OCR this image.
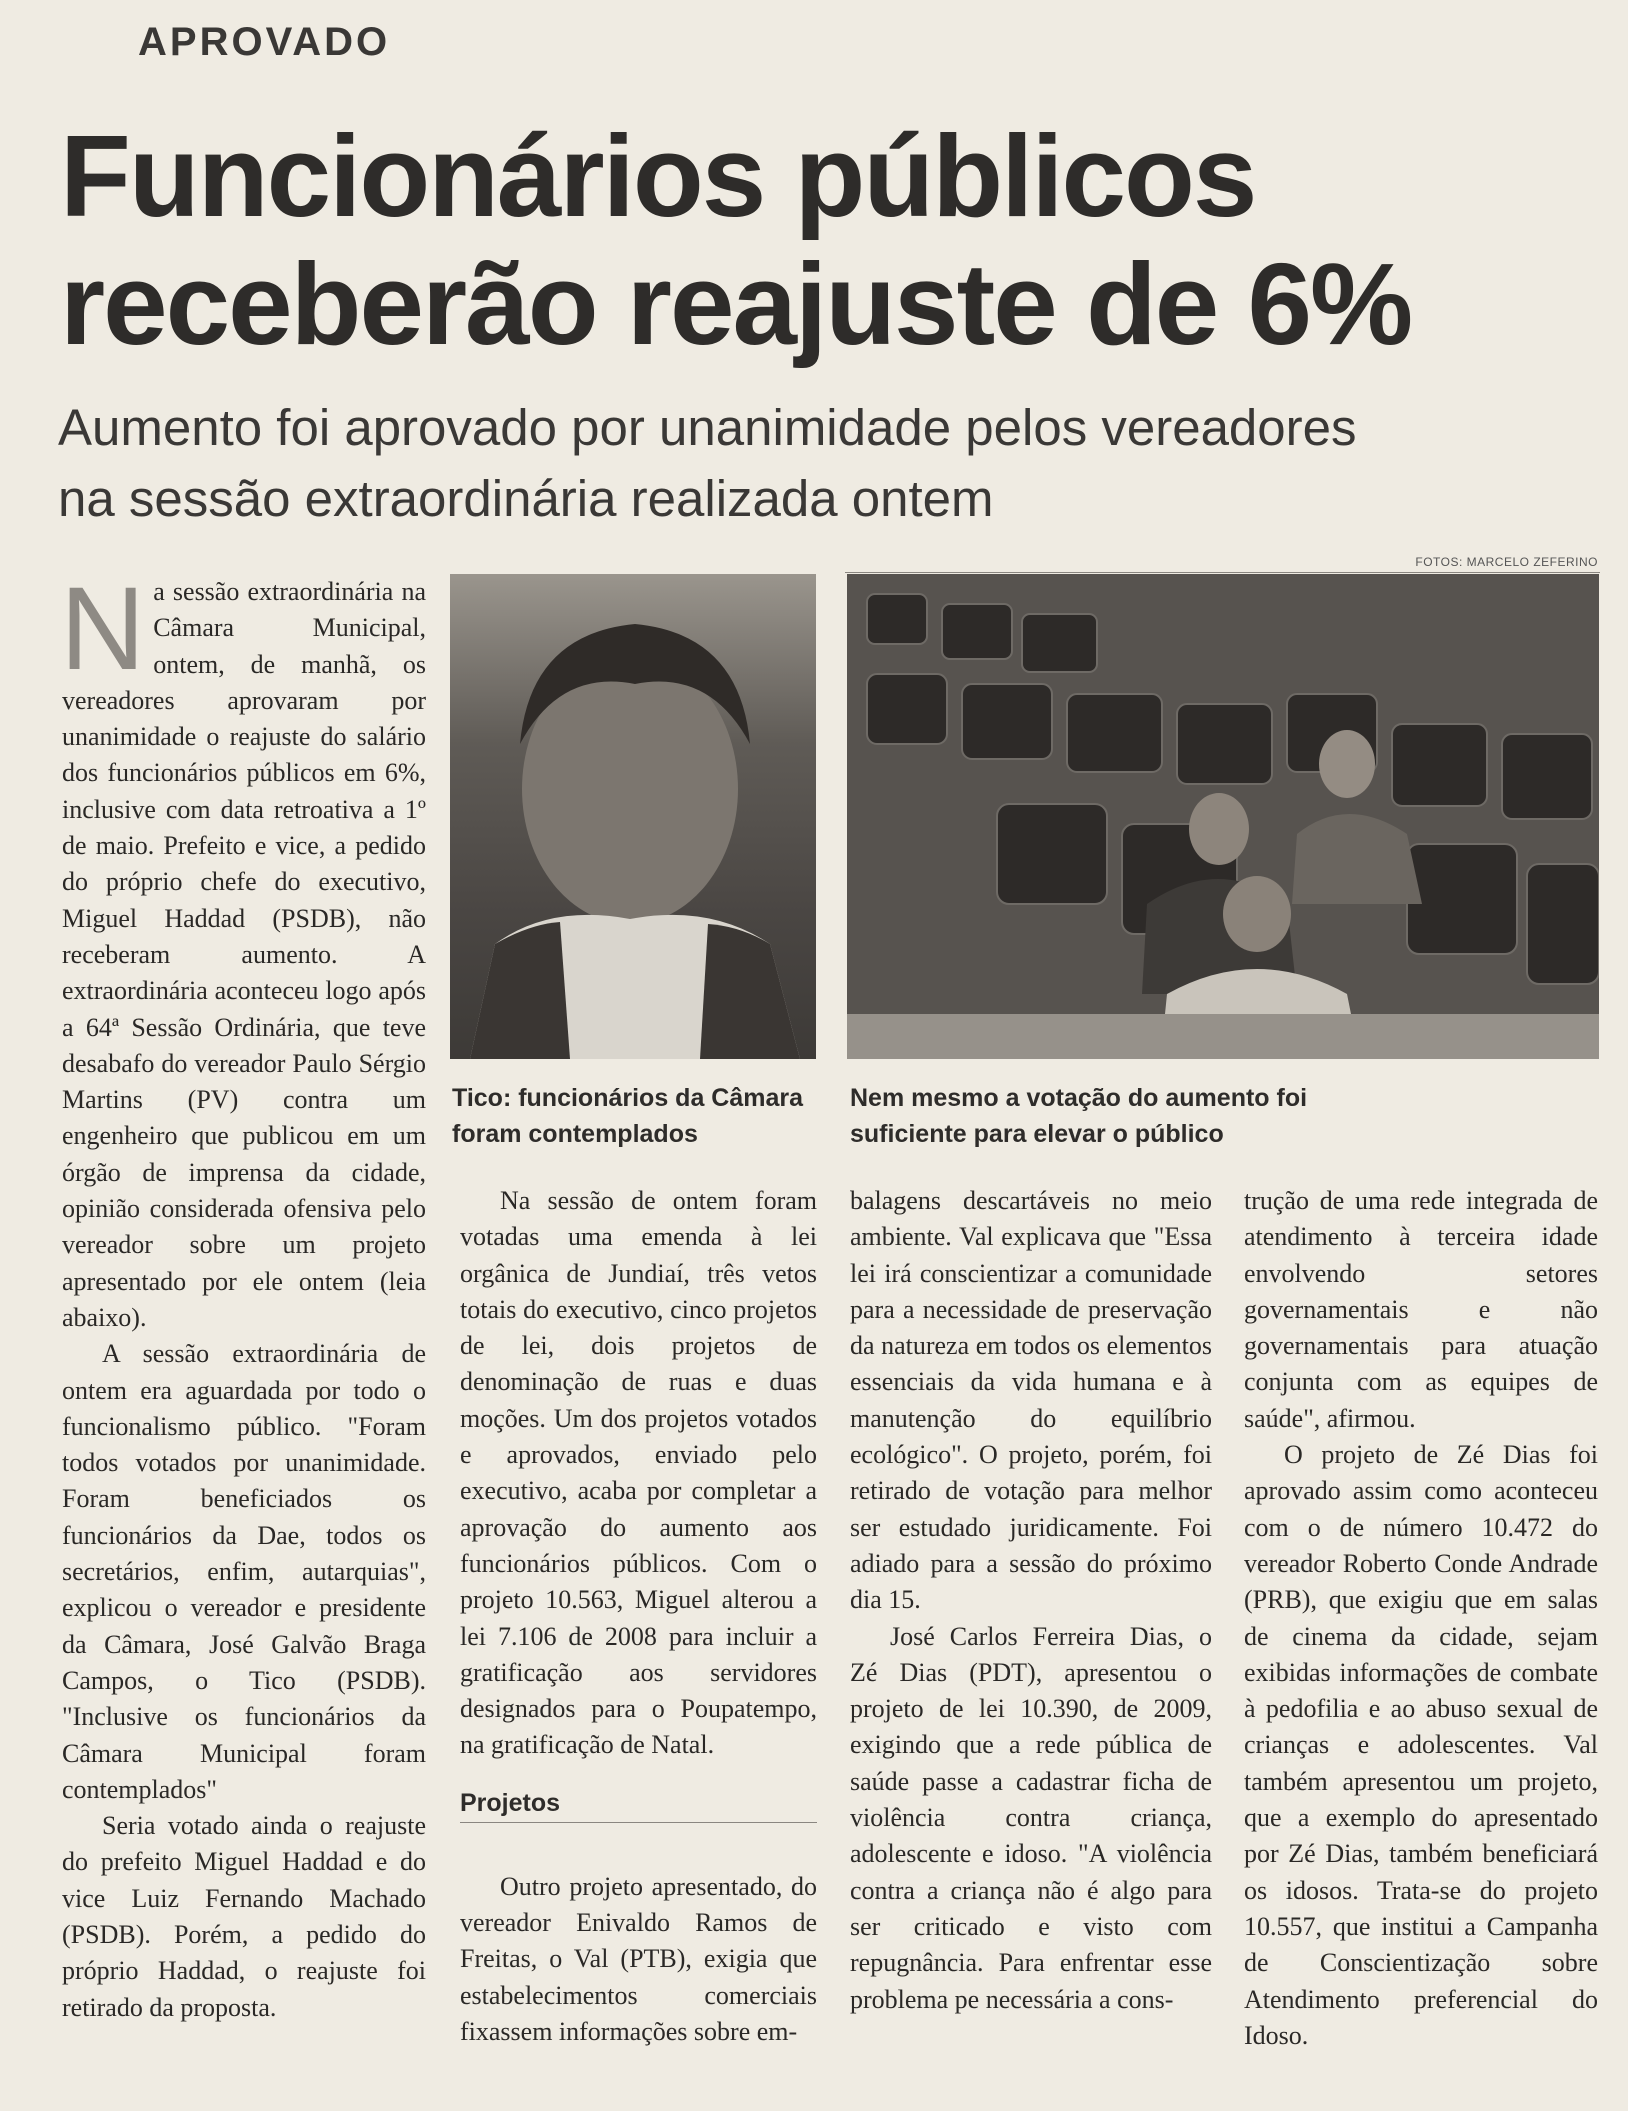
APROVADO
Funcionários públicos receberão reajuste de 6%
Aumento foi aprovado por unanimidade pelos vereadores na sessão extraordinária realizada ontem
FOTOS: MARCELO ZEFERINO
Tico: funcionários da Câmara foram contemplados
Nem mesmo a votação do aumento foi suficiente para elevar o público

Na sessão extraordinária na Câmara Municipal, ontem, de manhã, os vereadores aprovaram por unanimidade o reajuste do salário dos funcionários públicos em 6%, inclusive com data retroativa a 1º de maio. Prefeito e vice, a pedido do próprio chefe do executivo, Miguel Haddad (PSDB), não receberam aumento. A extraordinária aconteceu logo após a 64ª Sessão Ordinária, que teve desabafo do vereador Paulo Sérgio Martins (PV) contra um engenheiro que publicou em um órgão de imprensa da cidade, opinião considerada ofensiva pelo vereador sobre um projeto apresentado por ele ontem (leia abaixo).

A sessão extraordinária de ontem era aguardada por todo o funcionalismo público. "Foram todos votados por unanimidade. Foram beneficiados os funcionários da Dae, todos os secretários, enfim, autarquias", explicou o vereador e presidente da Câmara, José Galvão Braga Campos, o Tico (PSDB). "Inclusive os funcionários da Câmara Municipal foram contemplados"

Seria votado ainda o reajuste do prefeito Miguel Haddad e do vice Luiz Fernando Machado (PSDB). Porém, a pedido do próprio Haddad, o reajuste foi retirado da proposta.

Na sessão de ontem foram votadas uma emenda à lei orgânica de Jundiaí, três vetos totais do executivo, cinco projetos de lei, dois projetos de denominação de ruas e duas moções. Um dos projetos votados e aprovados, enviado pelo executivo, acaba por completar a aprovação do aumento aos funcionários públicos. Com o projeto 10.563, Miguel alterou a lei 7.106 de 2008 para incluir a gratificação aos servidores designados para o Poupatempo, na gratificação de Natal.

Projetos

Outro projeto apresentado, do vereador Enivaldo Ramos de Freitas, o Val (PTB), exigia que estabelecimentos comerciais fixassem informações sobre em-

balagens descartáveis no meio ambiente. Val explicava que "Essa lei irá conscientizar a comunidade para a necessidade de preservação da natureza em todos os elementos essenciais da vida humana e à manutenção do equilíbrio ecológico". O projeto, porém, foi retirado de votação para melhor ser estudado juridicamente. Foi adiado para a sessão do próximo dia 15.

José Carlos Ferreira Dias, o Zé Dias (PDT), apresentou o projeto de lei 10.390, de 2009, exigindo que a rede pública de saúde passe a cadastrar ficha de violência contra criança, adolescente e idoso. "A violência contra a criança não é algo para ser criticado e visto com repugnância. Para enfrentar esse problema pe necessária a cons-

trução de uma rede integrada de atendimento à terceira idade envolvendo setores governamentais e não governamentais para atuação conjunta com as equipes de saúde", afirmou.

O projeto de Zé Dias foi aprovado assim como aconteceu com o de número 10.472 do vereador Roberto Conde Andrade (PRB), que exigiu que em salas de cinema da cidade, sejam exibidas informações de combate à pedofilia e ao abuso sexual de crianças e adolescentes. Val também apresentou um projeto, que a exemplo do apresentado por Zé Dias, também beneficiará os idosos. Trata-se do projeto 10.557, que institui a Campanha de Conscientização sobre Atendimento preferencial do Idoso.
